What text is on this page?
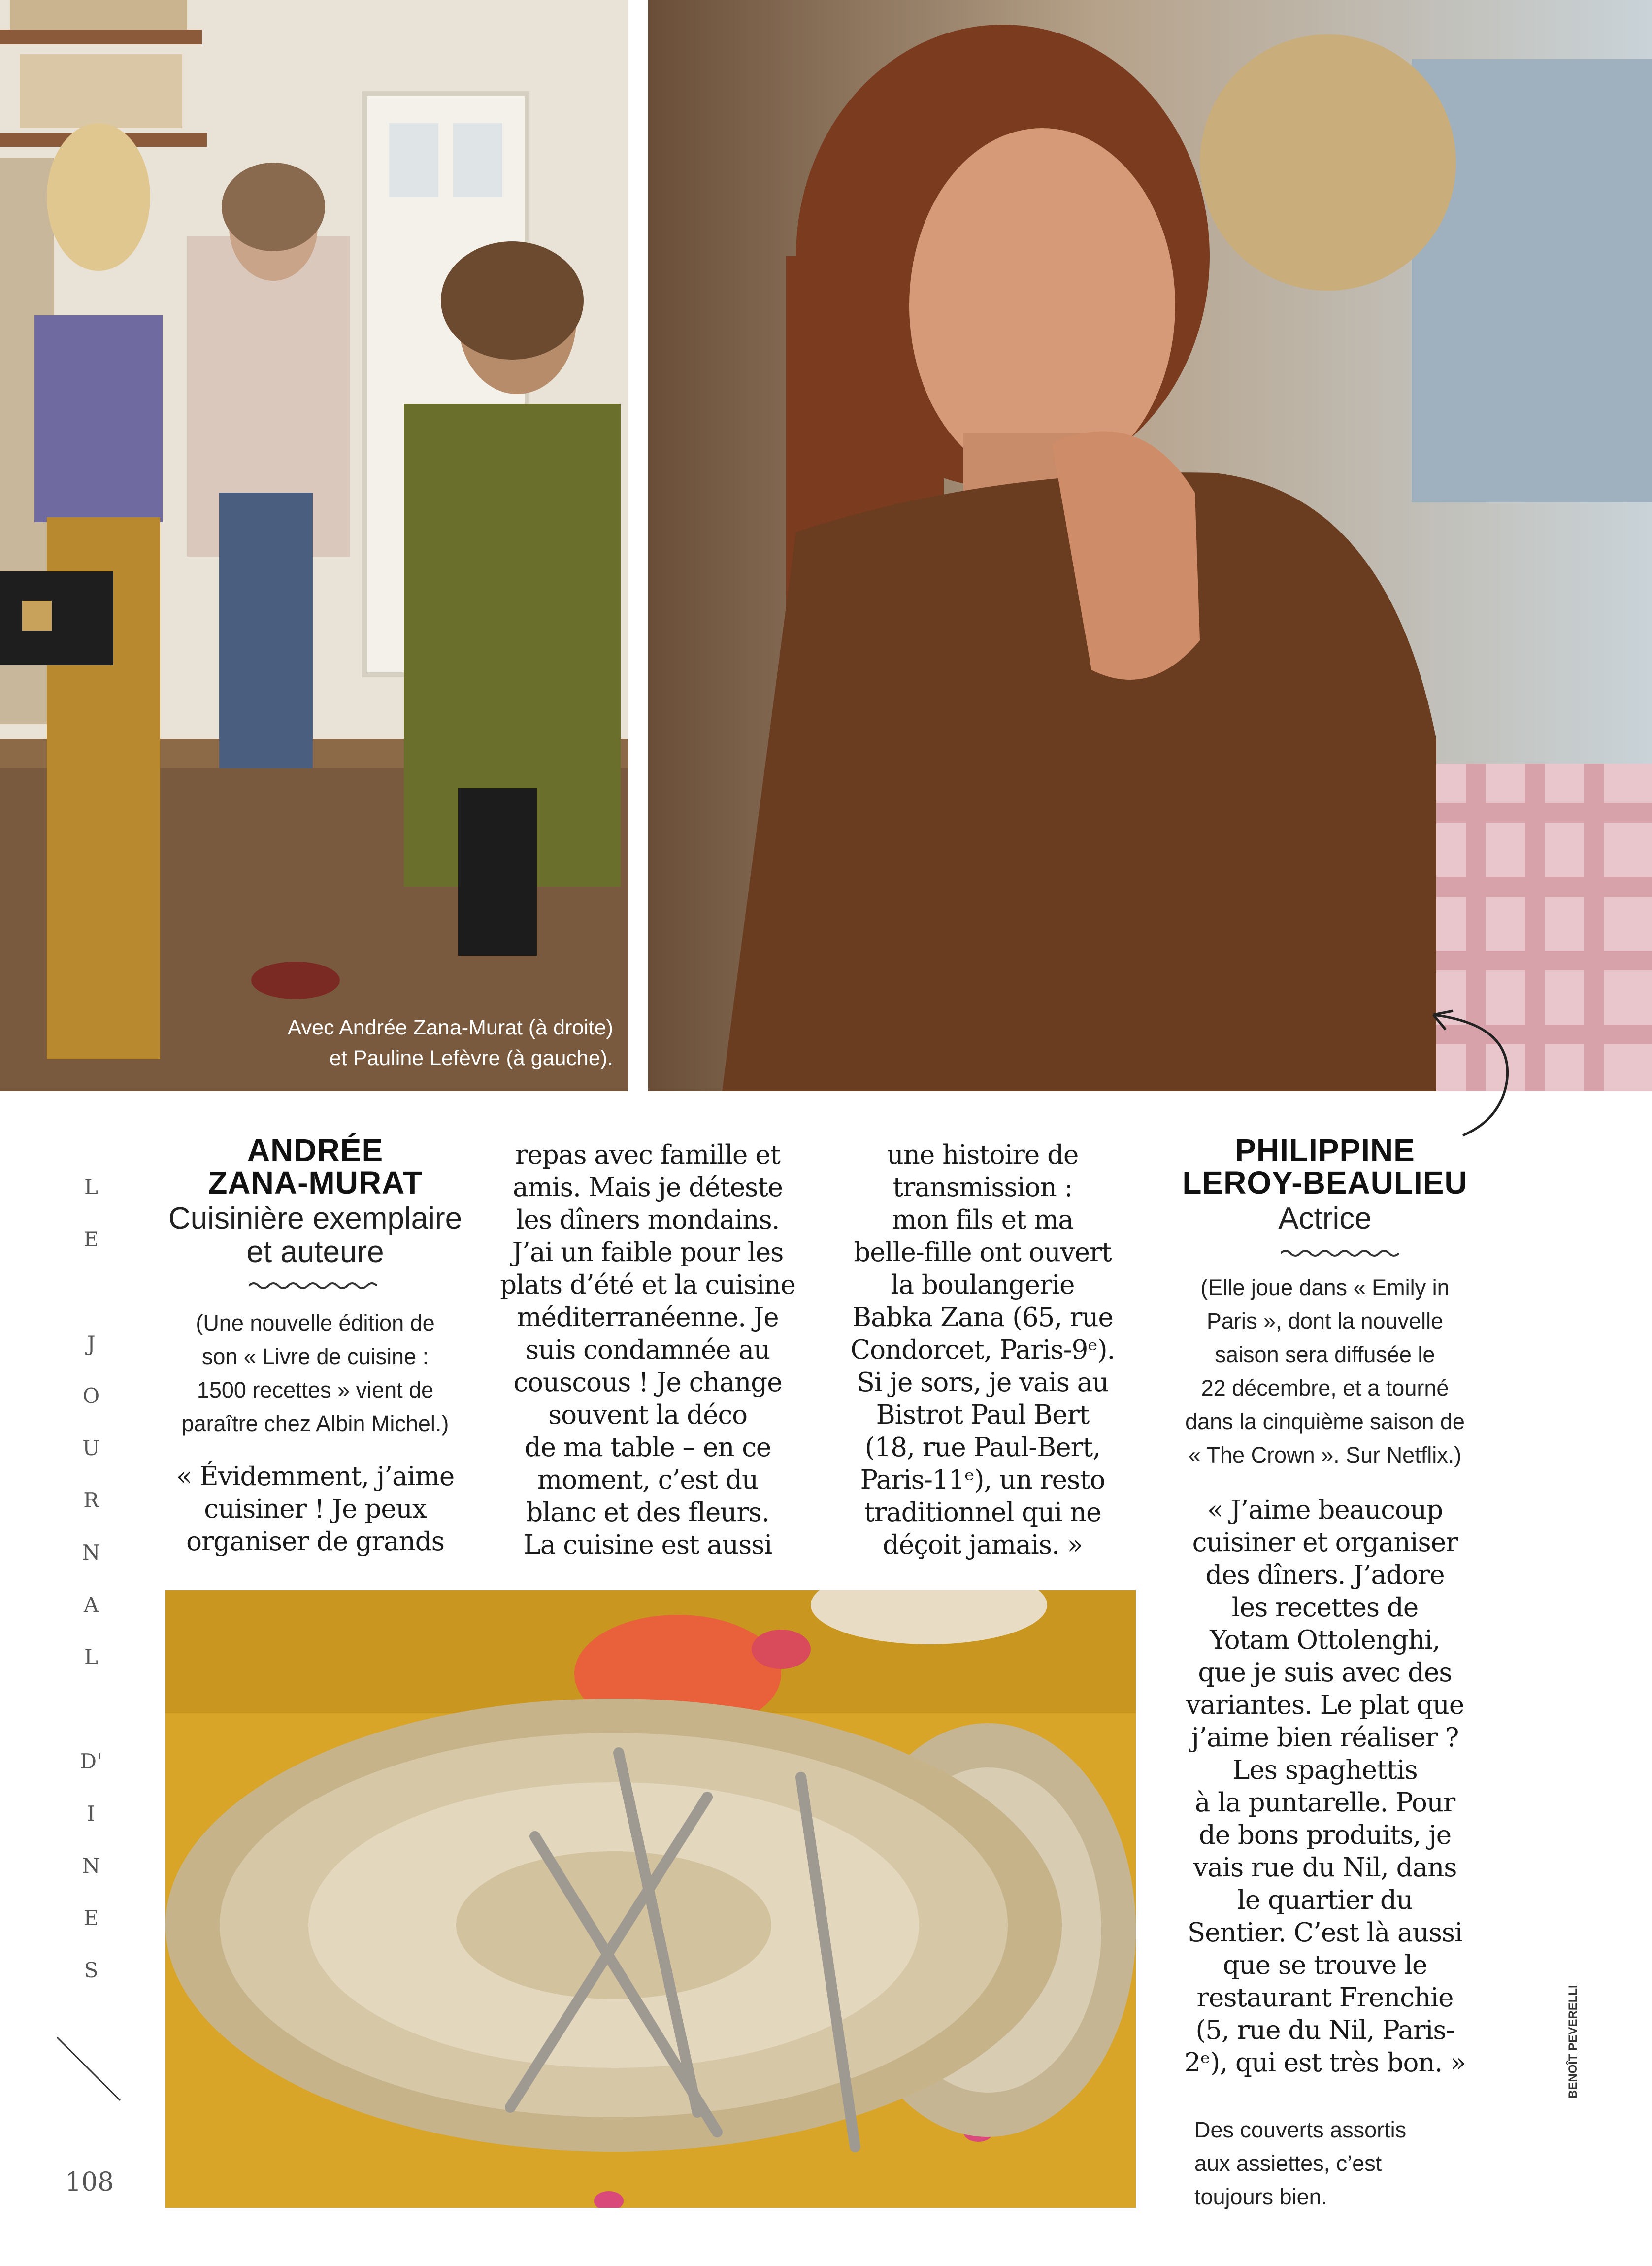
Avec Andrée Zana-Murat (à droite)
et Pauline Lefèvre (à gauche).
L
E
J
O
U
R
N
A
L
D'
I
N
E
S
108
BENOÎT PEVERELLI
ANDRÉE
ZANA-MURAT
Cuisinière exemplaire
et auteure
(Une nouvelle édition de
son « Livre de cuisine :
1500 recettes » vient de
paraître chez Albin Michel.)
« Évidemment, j’aime
cuisiner ! Je peux
organiser de grands
repas avec famille et
amis. Mais je déteste
les dîners mondains.
J’ai un faible pour les
plats d’été et la cuisine
méditerranéenne. Je
suis condamnée au
couscous ! Je change
souvent la déco
de ma table – en ce
moment, c’est du
blanc et des fleurs.
La cuisine est aussi
une histoire de
transmission :
mon fils et ma
belle-fille ont ouvert
la boulangerie
Babka Zana (65, rue
Condorcet, Paris-9ᵉ).
Si je sors, je vais au
Bistrot Paul Bert
(18, rue Paul-Bert,
Paris-11ᵉ), un resto
traditionnel qui ne
déçoit jamais. »
PHILIPPINE
LEROY-BEAULIEU
Actrice
(Elle joue dans « Emily in
Paris », dont la nouvelle
saison sera diffusée le
22 décembre, et a tourné
dans la cinquième saison de
« The Crown ». Sur Netflix.)
« J’aime beaucoup
cuisiner et organiser
des dîners. J’adore
les recettes de
Yotam Ottolenghi,
que je suis avec des
variantes. Le plat que
j’aime bien réaliser ?
Les spaghettis
à la puntarelle. Pour
de bons produits, je
vais rue du Nil, dans
le quartier du
Sentier. C’est là aussi
que se trouve le
restaurant Frenchie
(5, rue du Nil, Paris-
2ᵉ), qui est très bon. »
Des couverts assortis
aux assiettes, c’est
toujours bien.
